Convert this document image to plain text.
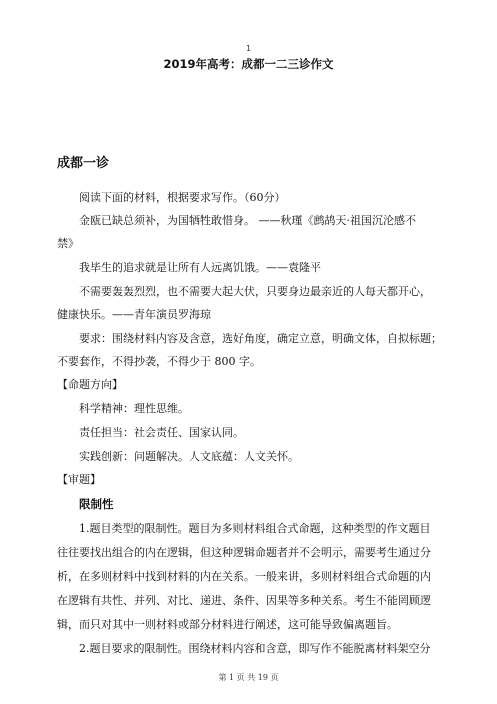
1
2019年高考：成都一二三诊作文
成都一诊
阅读下面的材料，根据要求写作。（60分）
金瓯已缺总须补，为国牺牲敢惜身。 ——秋瑾《鹧鸪天·祖国沉沦感不
禁》
我毕生的追求就是让所有人远离饥饿。——袁隆平
不需要轰轰烈烈，也不需要大起大伏，只要身边最亲近的人每天都开心，
健康快乐。——青年演员罗海琼
要求：围绕材料内容及含意，选好角度，确定立意，明确文体，自拟标题；
不要套作，不得抄袭，不得少于 800 字。
【命题方向】
科学精神：理性思维。
责任担当：社会责任、国家认同。
实践创新：问题解决。人文底蕴：人文关怀。
【审题】
限制性
1.题目类型的限制性。题目为多则材料组合式命题，这种类型的作文题目
往往要找出组合的内在逻辑，但这种逻辑命题者并不会明示，需要考生通过分
析，在多则材料中找到材料的内在关系。一般来讲，多则材料组合式命题的内
在逻辑有共性、并列、对比、递进、条件、因果等多种关系。考生不能罔顾逻
辑，而只对其中一则材料或部分材料进行阐述，这可能导致偏离题旨。
2.题目要求的限制性。围绕材料内容和含意，即写作不能脱离材料架空分
第 1 页 共 19 页
